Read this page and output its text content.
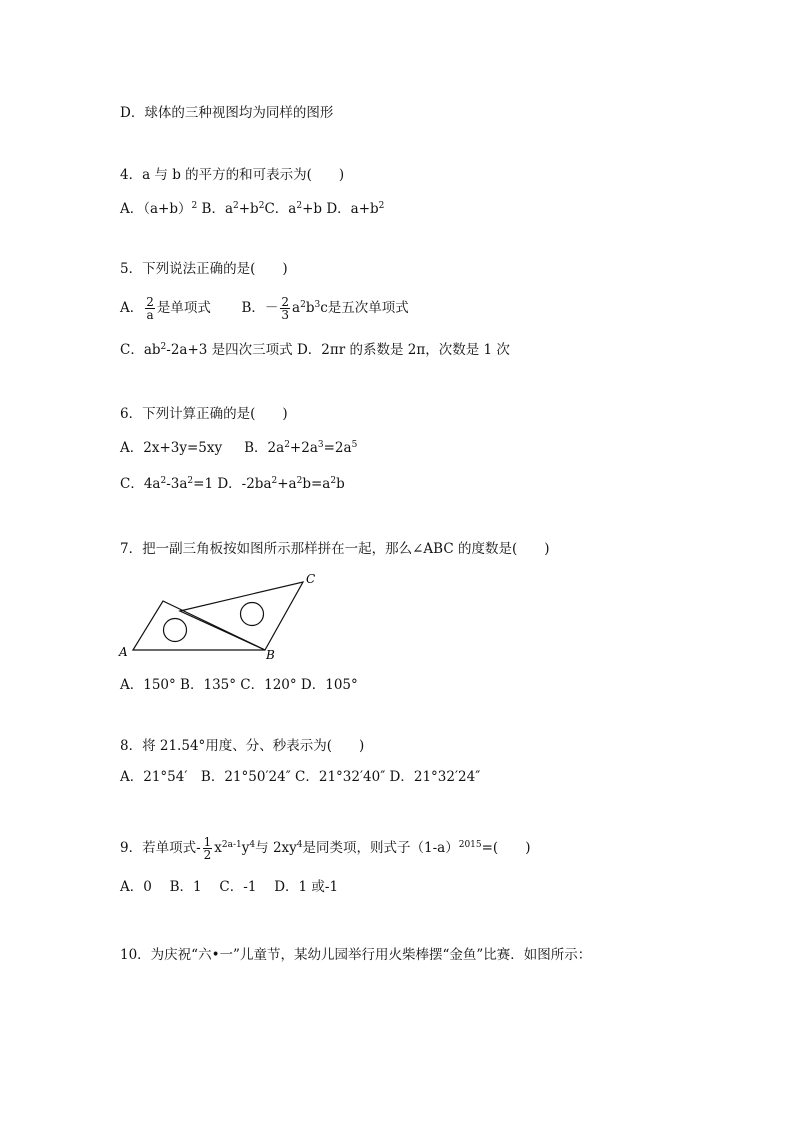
D．球体的三种视图均为同样的图形
4．a 与 b 的平方的和可表示为(　　)
A．$(a+b)^2$ B．$a^2+b^2C$．$a^2+b$ D．$a+b^2$
5．下列说法正确的是(　　)
A． $\frac{2}{a}$ 是单项式 B．－ $\frac{2}{3} a^2b^3c$是五次单项式
C．$ab^2-2a+3$ 是四次三项式 D．2πr 的系数是 2π，次数是 1 次
6．下列计算正确的是(　　)
A．2x+3y=5xy B．$2a^2+2a^3=2a^5$
C．$4a^2-3a^2=1$ D．$-2ba^2+a^2b=a^2b$
7．把一副三角板按如图所示那样拼在一起，那么∠ABC 的度数是(　　)
A	B
C
A．150° B．135° C．120° D．105°
8．将 21.54°用度、分、秒表示为(　　)
A．21°54′　B．21°50′24″ C．21°32′40″ D．21°32′24″
9．若单项式- $\frac{1}{2} x^{2a-1}y^4$与 $2xy^4$是同类项，则式子$(1-a)^{2015}=$(　　)
A．0　 B．1　 C．-1　 D．1 或-1
10．为庆祝“六•一”儿童节，某幼儿园举行用火柴棒摆“金鱼”比赛．如图所示：
